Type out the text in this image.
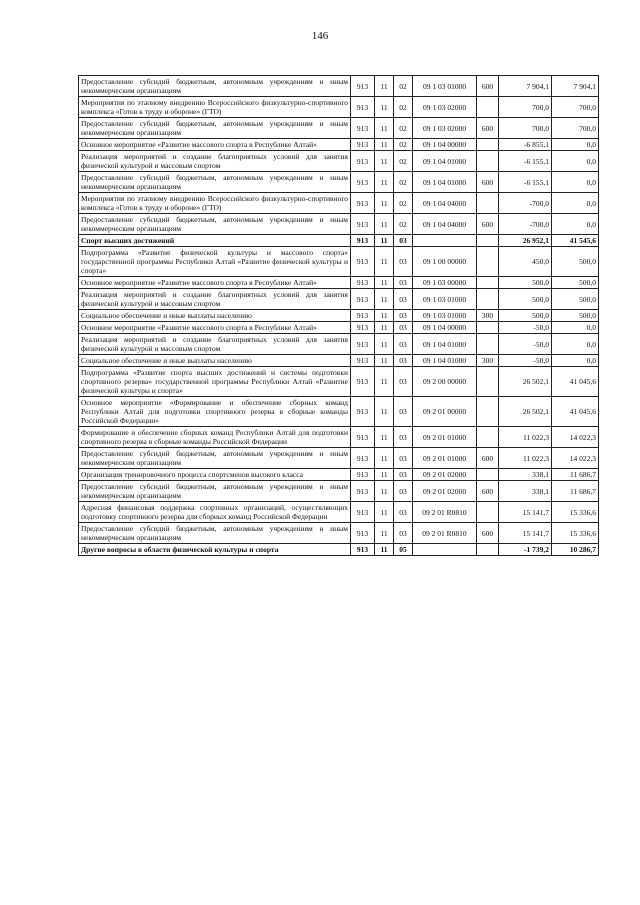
146
Предоставление субсидий бюджетным, автономным учреждениям и иным некоммерческим организациям	913	11	02	09 1 03 01000	600	7 904,1	7 904,1
Мероприятия по этапному внедрению Всероссийского физкультурно-спортивного комплекса «Готов к труду и обороне» (ГТО)	913	11	02	09 1 03 02000		700,0	700,0
Предоставление субсидий бюджетным, автономным учреждениям и иным некоммерческим организациям	913	11	02	09 1 03 02000	600	700,0	700,0
Основное мероприятие «Развитие массового спорта в Республике Алтай»	913	11	02	09 1 04 00000		-6 855,1	0,0
Реализация мероприятий и создание благоприятных условий для занятия физической культурой и массовым спортом	913	11	02	09 1 04 01000		-6 155,1	0,0
Предоставление субсидий бюджетным, автономным учреждениям и иным некоммерческим организациям	913	11	02	09 1 04 01000	600	-6 155,1	0,0
Мероприятия по этапному внедрению Всероссийского физкультурно-спортивного комплекса «Готов к труду и обороне» (ГТО)	913	11	02	09 1 04 04000		-700,0	0,0
Предоставление субсидий бюджетным, автономным учреждениям и иным некоммерческим организациям	913	11	02	09 1 04 04000	600	-700,0	0,0
Спорт высших достижений	913	11	03			26 952,1	41 545,6
Подпрограмма «Развитие физической культуры и массового спорта» государственной программы Республики Алтай «Развитие физической культуры и спорта»	913	11	03	09 1 00 00000		450,0	500,0
Основное мероприятие «Развитие массового спорта в Республике Алтай»	913	11	03	09 1 03 00000		500,0	500,0
Реализация мероприятий и создание благоприятных условий для занятия физической культурой и массовым спортом	913	11	03	09 1 03 01000		500,0	500,0
Социальное обеспечение и иные выплаты населению	913	11	03	09 1 03 01000	300	500,0	500,0
Основное мероприятие «Развитие массового спорта в Республике Алтай»	913	11	03	09 1 04 00000		-50,0	0,0
Реализация мероприятий и создание благоприятных условий для занятия физической культурой и массовым спортом	913	11	03	09 1 04 01000		-50,0	0,0
Социальное обеспечение и иные выплаты населению	913	11	03	09 1 04 01000	300	-50,0	0,0
Подпрограмма «Развитие спорта высших достижений и системы подготовки спортивного резерва» государственной программы Республики Алтай «Развитие физической культуры и спорта»	913	11	03	09 2 00 00000		26 502,1	41 045,6
Основное мероприятие «Формирование и обеспечение сборных команд Республики Алтай для подготовки спортивного резерва в сборные команды Российской Федерации»	913	11	03	09 2 01 00000		26 502,1	41 045,6
Формирование и обеспечение сборных команд Республики Алтай для подготовки спортивного резерва в сборные команды Российской Федерации	913	11	03	09 2 01 01000		11 022,3	14 022,3
Предоставление субсидий бюджетным, автономным учреждениям и иным некоммерческим организациям	913	11	03	09 2 01 01000	600	11 022,3	14 022,3
Организация тренировочного процесса спортсменов высокого класса	913	11	03	09 2 01 02000		338,1	11 686,7
Предоставление субсидий бюджетным, автономным учреждениям и иным некоммерческим организациям	913	11	03	09 2 01 02000	600	338,1	11 686,7
Адресная финансовая поддержка спортивных организаций, осуществляющих подготовку спортивного резерва для сборных команд Российской Федерации	913	11	03	09 2 01 R0810		15 141,7	15 336,6
Предоставление субсидий бюджетным, автономным учреждениям и иным некоммерческим организациям	913	11	03	09 2 01 R0810	600	15 141,7	15 336,6
Другие вопросы в области физической культуры и спорта	913	11	05			-1 739,2	10 286,7
